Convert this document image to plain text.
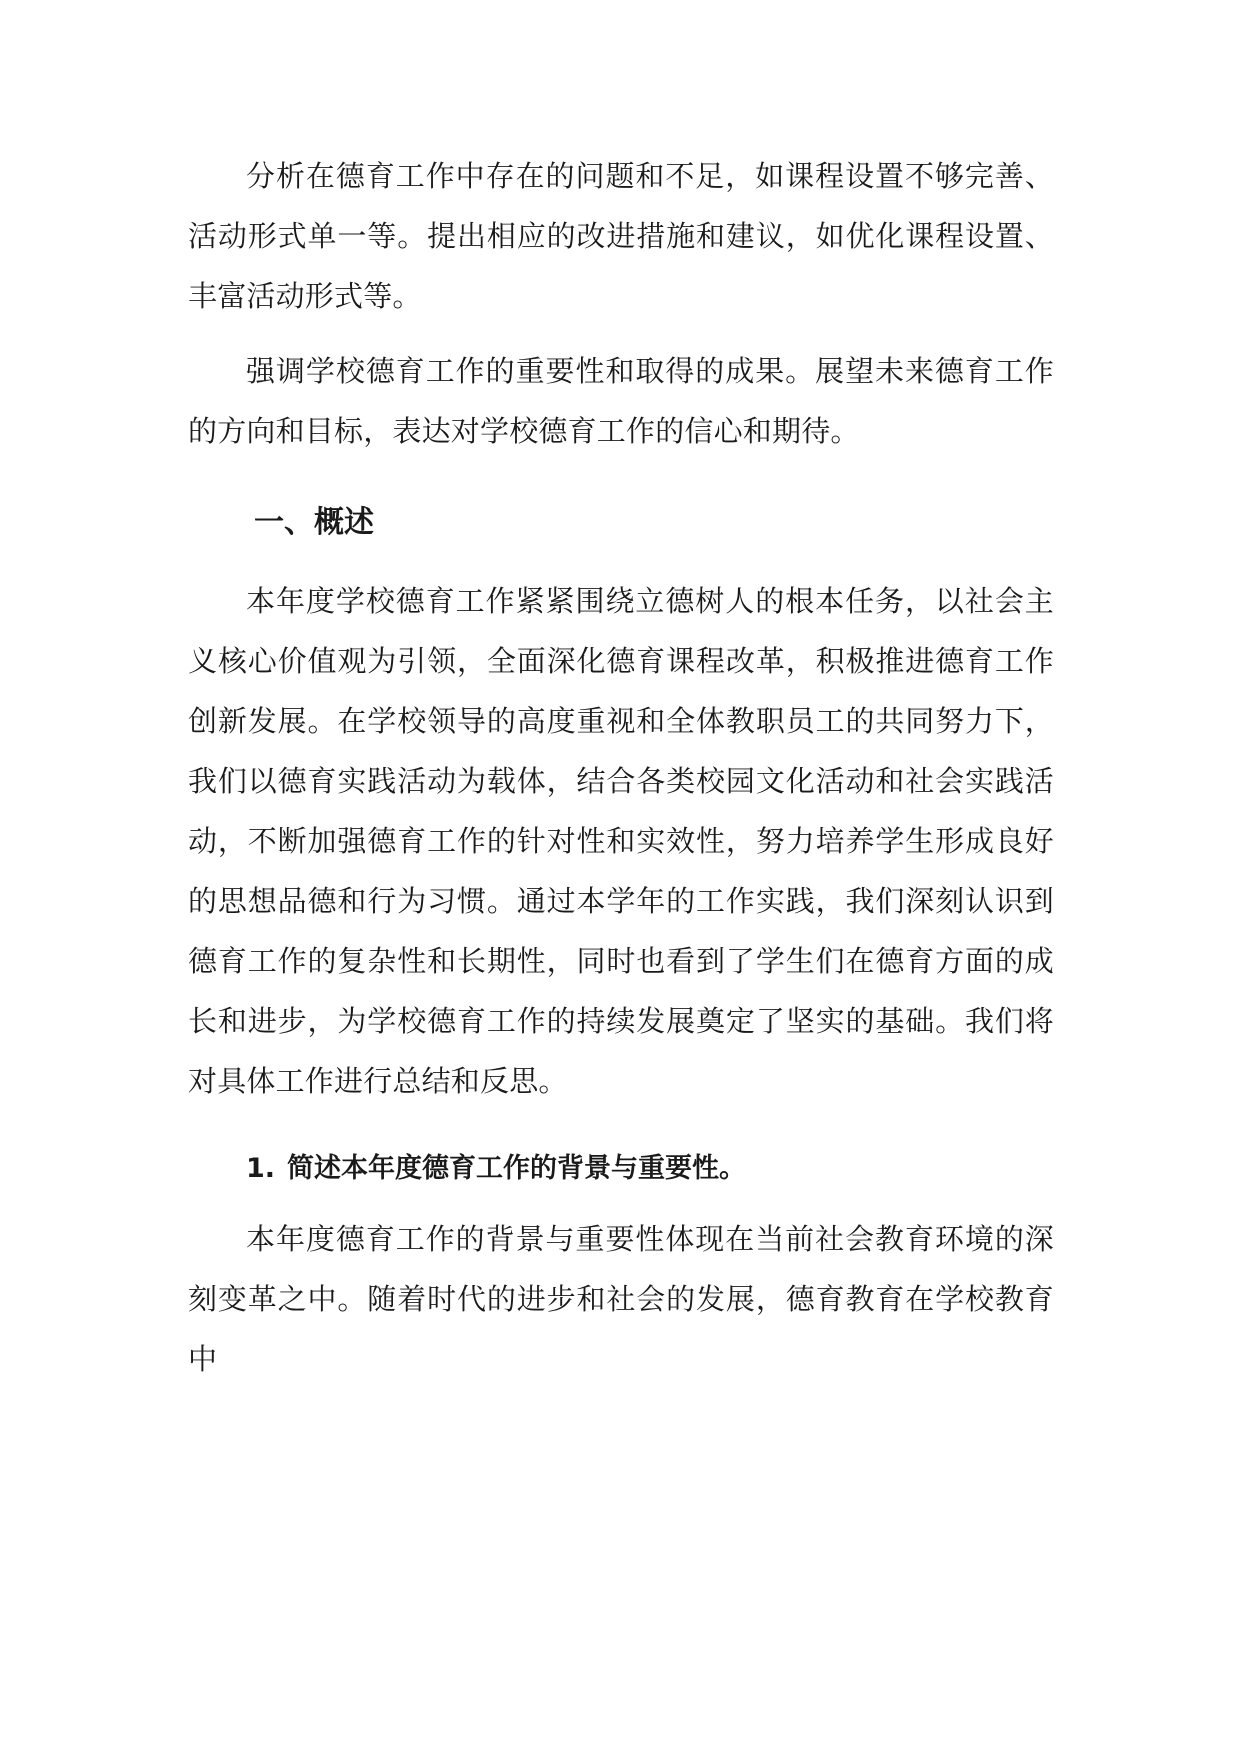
分析在德育工作中存在的问题和不足，如课程设置不够完善、活动形式单一等。提出相应的改进措施和建议，如优化课程设置、丰富活动形式等。

强调学校德育工作的重要性和取得的成果。展望未来德育工作的方向和目标，表达对学校德育工作的信心和期待。

一、概述

本年度学校德育工作紧紧围绕立德树人的根本任务，以社会主义核心价值观为引领，全面深化德育课程改革，积极推进德育工作创新发展。在学校领导的高度重视和全体教职员工的共同努力下，我们以德育实践活动为载体，结合各类校园文化活动和社会实践活动，不断加强德育工作的针对性和实效性，努力培养学生形成良好的思想品德和行为习惯。通过本学年的工作实践，我们深刻认识到德育工作的复杂性和长期性，同时也看到了学生们在德育方面的成长和进步，为学校德育工作的持续发展奠定了坚实的基础。我们将对具体工作进行总结和反思。

1. 简述本年度德育工作的背景与重要性。

本年度德育工作的背景与重要性体现在当前社会教育环境的深刻变革之中。随着时代的进步和社会的发展，德育教育在学校教育中
